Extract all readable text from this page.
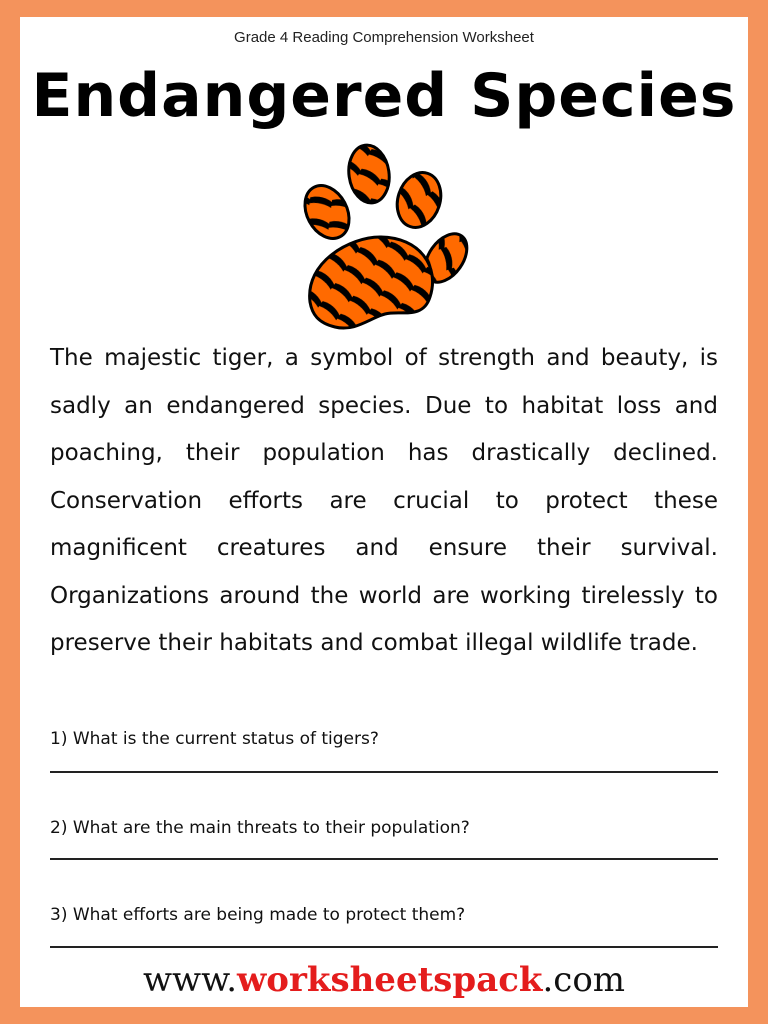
Grade 4 Reading Comprehension Worksheet
Endangered Species
The majestic tiger, a symbol of strength and beauty, is sadly an endangered species. Due to habitat loss and poaching, their population has drastically declined. Conservation efforts are crucial to protect these magnificent creatures and ensure their survival. Organizations around the world are working tirelessly to preserve their habitats and combat illegal wildlife trade.
1) What is the current status of tigers?
2) What are the main threats to their population?
3) What efforts are being made to protect them?
www.worksheetspack.com
